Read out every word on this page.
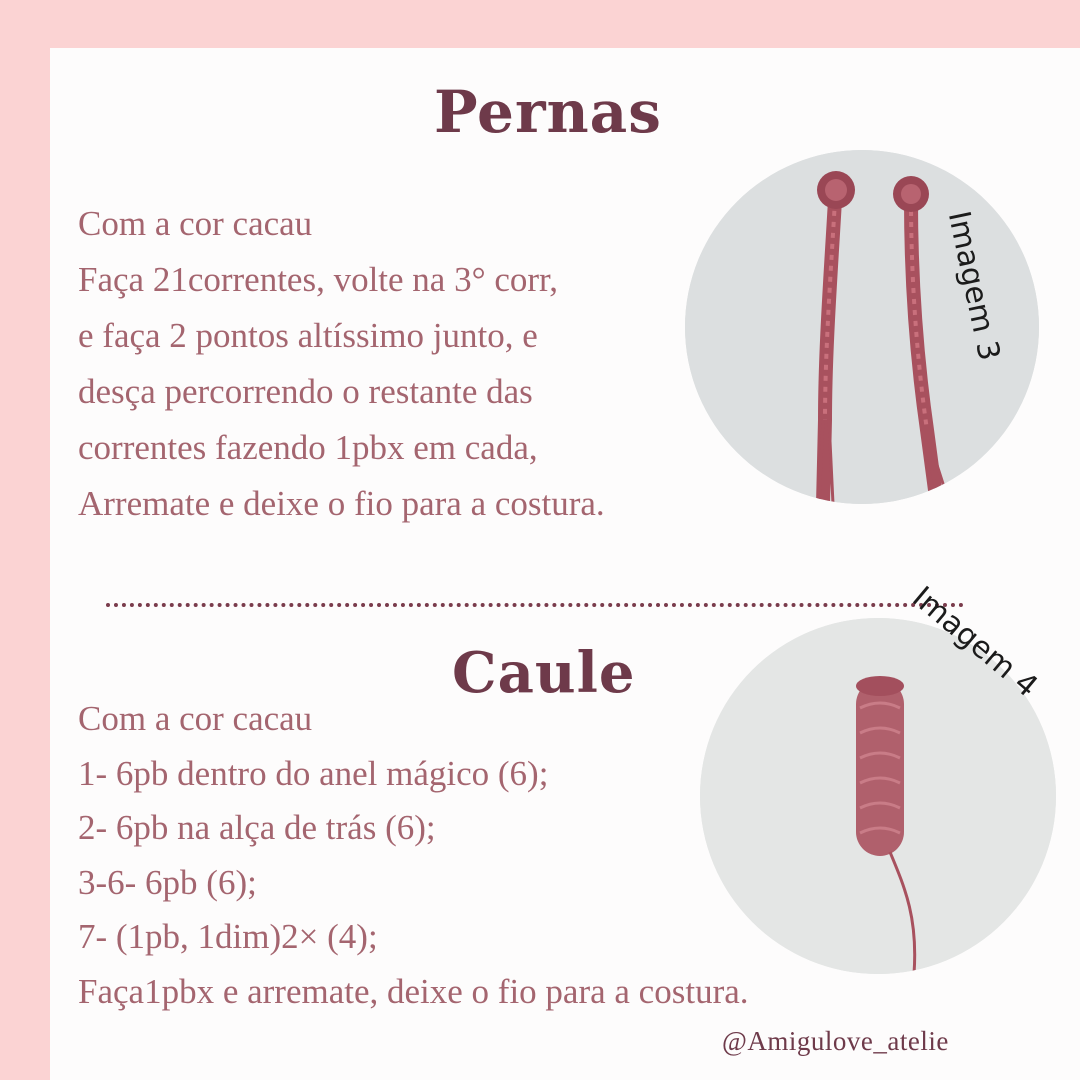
Pernas
Com a cor cacau
Faça 21correntes, volte na 3° corr,
e faça 2 pontos altíssimo junto, e
desça percorrendo o restante das
correntes fazendo 1pbx em cada,
Arremate e deixe o fio para a costura.
Caule
Com a cor cacau
1- 6pb dentro do anel mágico (6);
2- 6pb na alça de trás (6);
3-6- 6pb (6);
7- (1pb, 1dim)2× (4);
Faça1pbx e arremate, deixe o fio para a costura.
@Amigulove_atelie
Imagem 3
Imagem 4
